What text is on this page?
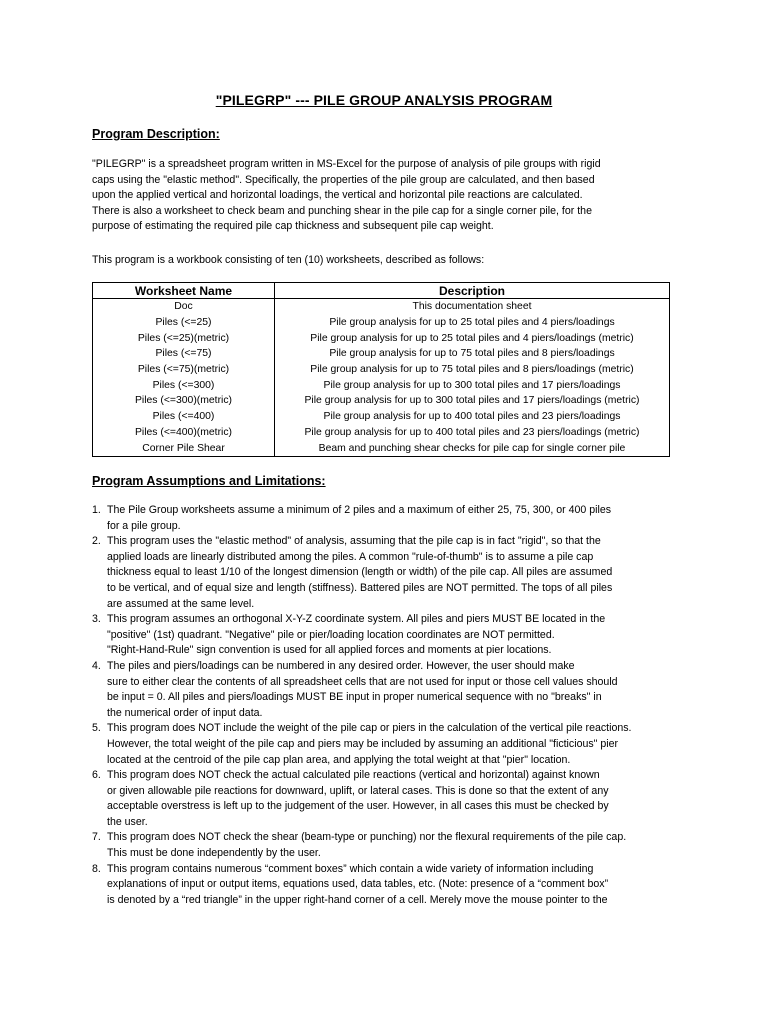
"PILEGRP" --- PILE GROUP ANALYSIS PROGRAM
Program Description:
"PILEGRP" is a spreadsheet program written in MS-Excel for the purpose of analysis of pile groups with rigid
caps using the "elastic method". Specifically, the properties of the pile group are calculated, and then based
upon the applied vertical and horizontal loadings, the vertical and horizontal pile reactions are calculated.
There is also a worksheet to check beam and punching shear in the pile cap for a single corner pile, for the
purpose of estimating the required pile cap thickness and subsequent pile cap weight.
This program is a workbook consisting of ten (10) worksheets, described as follows:
Worksheet Name	Description
Doc	This documentation sheet
Piles (<=25)	Pile group analysis for up to 25 total piles and 4 piers/loadings
Piles (<=25)(metric)	Pile group analysis for up to 25 total piles and 4 piers/loadings (metric)
Piles (<=75)	Pile group analysis for up to 75 total piles and 8 piers/loadings
Piles (<=75)(metric)	Pile group analysis for up to 75 total piles and 8 piers/loadings (metric)
Piles (<=300)	Pile group analysis for up to 300 total piles and 17 piers/loadings
Piles (<=300)(metric)	Pile group analysis for up to 300 total piles and 17 piers/loadings (metric)
Piles (<=400)	Pile group analysis for up to 400 total piles and 23 piers/loadings
Piles (<=400)(metric)	Pile group analysis for up to 400 total piles and 23 piers/loadings (metric)
Corner Pile Shear	Beam and punching shear checks for pile cap for single corner pile
Program Assumptions and Limitations:
1. The Pile Group worksheets assume a minimum of 2 piles and a maximum of either 25, 75, 300, or 400 piles
for a pile group.
2. This program uses the "elastic method" of analysis, assuming that the pile cap is in fact "rigid", so that the
applied loads are linearly distributed among the piles. A common "rule-of-thumb" is to assume a pile cap
thickness equal to least 1/10 of the longest dimension (length or width) of the pile cap. All piles are assumed
to be vertical, and of equal size and length (stiffness). Battered piles are NOT permitted. The tops of all piles
are assumed at the same level.
3. This program assumes an orthogonal X-Y-Z coordinate system. All piles and piers MUST BE located in the
"positive" (1st) quadrant. "Negative" pile or pier/loading location coordinates are NOT permitted.
"Right-Hand-Rule" sign convention is used for all applied forces and moments at pier locations.
4. The piles and piers/loadings can be numbered in any desired order. However, the user should make
sure to either clear the contents of all spreadsheet cells that are not used for input or those cell values should
be input = 0. All piles and piers/loadings MUST BE input in proper numerical sequence with no "breaks" in
the numerical order of input data.
5. This program does NOT include the weight of the pile cap or piers in the calculation of the vertical pile reactions.
However, the total weight of the pile cap and piers may be included by assuming an additional "ficticious" pier
located at the centroid of the pile cap plan area, and applying the total weight at that "pier" location.
6. This program does NOT check the actual calculated pile reactions (vertical and horizontal) against known
or given allowable pile reactions for downward, uplift, or lateral cases. This is done so that the extent of any
acceptable overstress is left up to the judgement of the user. However, in all cases this must be checked by
the user.
7. This program does NOT check the shear (beam-type or punching) nor the flexural requirements of the pile cap.
This must be done independently by the user.
8. This program contains numerous “comment boxes” which contain a wide variety of information including
explanations of input or output items, equations used, data tables, etc. (Note: presence of a “comment box”
is denoted by a “red triangle” in the upper right-hand corner of a cell. Merely move the mouse pointer to the
